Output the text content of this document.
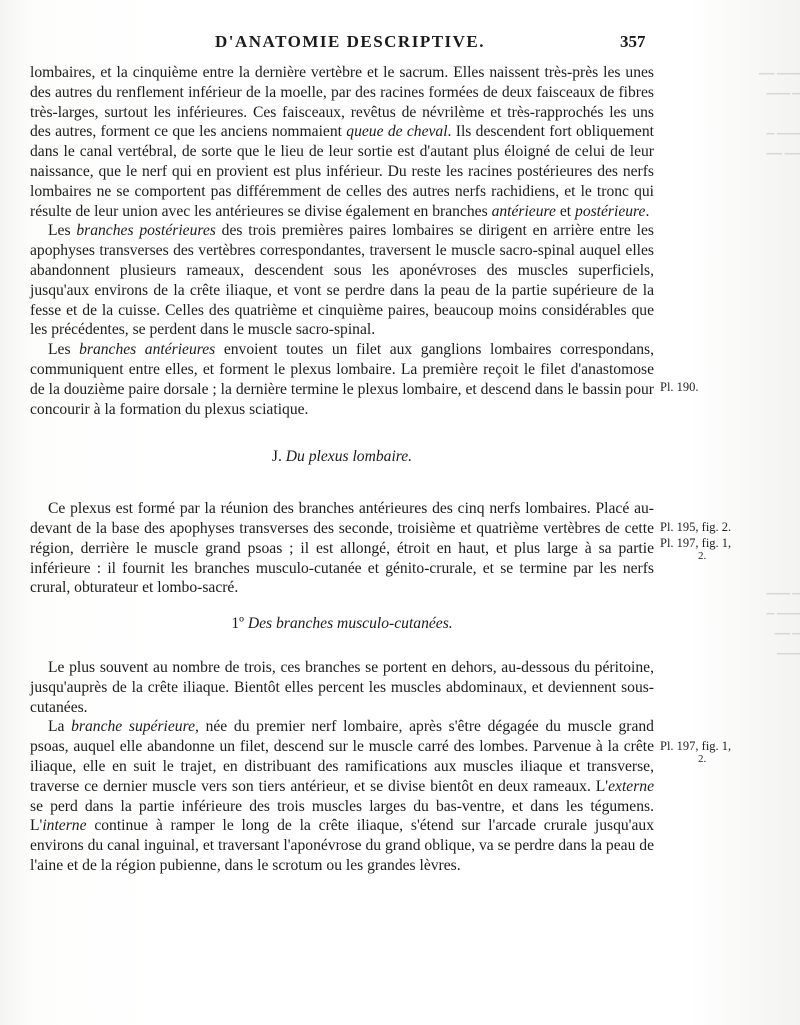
D'ANATOMIE DESCRIPTIVE.	357

lombaires, et la cinquième entre la dernière vertèbre et le sacrum. Elles naissent très-près les unes des autres du renflement inférieur de la moelle, par des racines formées de deux faisceaux de fibres très-larges, surtout les inférieures. Ces faisceaux, revêtus de névrilème et très-rapprochés les uns des autres, forment ce que les anciens nommaient queue de cheval. Ils descendent fort obliquement dans le canal vertébral, de sorte que le lieu de leur sortie est d'autant plus éloigné de celui de leur naissance, que le nerf qui en provient est plus inférieur. Du reste les racines postérieures des nerfs lombaires ne se comportent pas différemment de celles des autres nerfs rachidiens, et le tronc qui résulte de leur union avec les antérieures se divise également en branches antérieure et postérieure.

Les branches postérieures des trois premières paires lombaires se dirigent en arrière entre les apophyses transverses des vertèbres correspondantes, traversent le muscle sacro-spinal auquel elles abandonnent plusieurs rameaux, descendent sous les aponévroses des muscles superficiels, jusqu'aux environs de la crête iliaque, et vont se perdre dans la peau de la partie supérieure de la fesse et de la cuisse. Celles des quatrième et cinquième paires, beaucoup moins considérables que les précédentes, se perdent dans le muscle sacro-spinal.

Les branches antérieures envoient toutes un filet aux ganglions lombaires correspondans, communiquent entre elles, et forment le plexus lombaire. La première reçoit le filet d'anastomose de la douzième paire dorsale ; la dernière termine le plexus lombaire, et descend dans le bassin pour concourir à la formation du plexus sciatique.

J. Du plexus lombaire.

Ce plexus est formé par la réunion des branches antérieures des cinq nerfs lombaires. Placé au-devant de la base des apophyses transverses des seconde, troisième et quatrième vertèbres de cette région, derrière le muscle grand psoas ; il est allongé, étroit en haut, et plus large à sa partie inférieure : il fournit les branches musculo-cutanée et génito-crurale, et se termine par les nerfs crural, obturateur et lombo-sacré.

1º Des branches musculo-cutanées.

Le plus souvent au nombre de trois, ces branches se portent en dehors, au-dessous du péritoine, jusqu'auprès de la crête iliaque. Bientôt elles percent les muscles abdominaux, et deviennent sous-cutanées.

La branche supérieure, née du premier nerf lombaire, après s'être dégagée du muscle grand psoas, auquel elle abandonne un filet, descend sur le muscle carré des lombes. Parvenue à la crête iliaque, elle en suit le trajet, en distribuant des ramifications aux muscles iliaque et transverse, traverse ce dernier muscle vers son tiers antérieur, et se divise bientôt en deux rameaux. L'externe se perd dans la partie inférieure des trois muscles larges du bas-ventre, et dans les tégumens. L'interne continue à ramper le long de la crête iliaque, s'étend sur l'arcade crurale jusqu'aux environs du canal inguinal, et traversant l'aponévrose du grand oblique, va se perdre dans la peau de l'aine et de la région pubienne, dans le scrotum ou les grandes lèvres.

Pl. 190.
Pl. 195, fig. 2.
Pl. 197, fig. 1,
2.
Pl. 197, fig. 1,
2.
▁▁ ▁▁▁
▁▁▁ ▁

▁ ▁▁▁
▁▁ ▁▁
▁▁▁ ▁
▁ ▁▁▁
▁▁ ▁
▁▁▁
